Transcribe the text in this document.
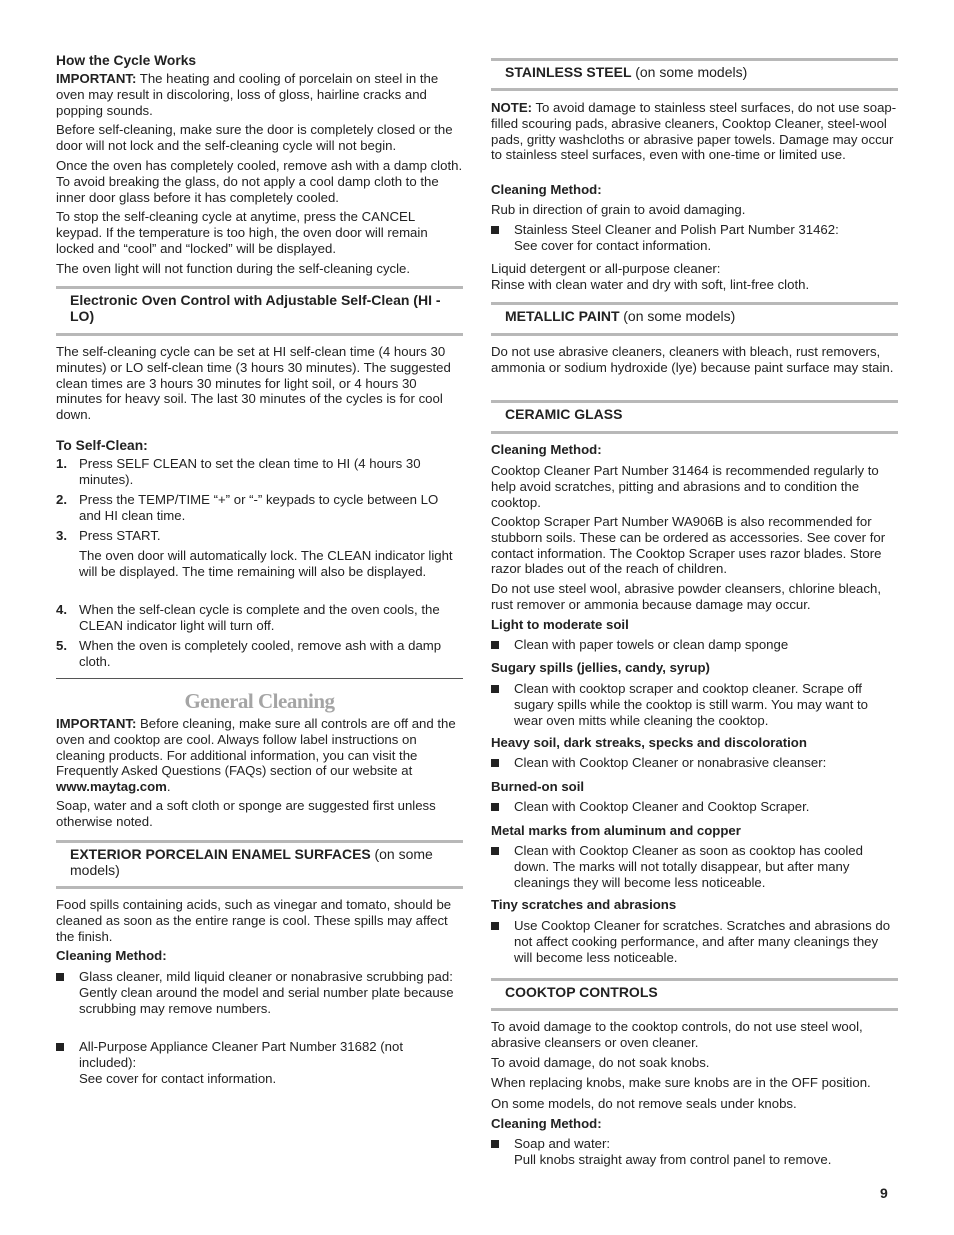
How the Cycle Works

IMPORTANT: The heating and cooling of porcelain on steel in the oven may result in discoloring, loss of gloss, hairline cracks and popping sounds.

Before self-cleaning, make sure the door is completely closed or the door will not lock and the self-cleaning cycle will not begin.

Once the oven has completely cooled, remove ash with a damp cloth. To avoid breaking the glass, do not apply a cool damp cloth to the inner door glass before it has completely cooled.

To stop the self-cleaning cycle at anytime, press the CANCEL keypad. If the temperature is too high, the oven door will remain locked and “cool” and “locked” will be displayed.

The oven light will not function during the self-cleaning cycle.

Electronic Oven Control with Adjustable Self-Clean (HI - LO)

The self-cleaning cycle can be set at HI self-clean time (4 hours 30 minutes) or LO self-clean time (3 hours 30 minutes). The suggested clean times are 3 hours 30 minutes for light soil, or 4 hours 30 minutes for heavy soil. The last 30 minutes of the cycles is for cool down.

To Self-Clean:

1. Press SELF CLEAN to set the clean time to HI (4 hours 30 minutes).

2. Press the TEMP/TIME “+” or “-” keypads to cycle between LO and HI clean time.

3. Press START.

The oven door will automatically lock. The CLEAN indicator light will be displayed. The time remaining will also be displayed.

4. When the self-clean cycle is complete and the oven cools, the CLEAN indicator light will turn off.

5. When the oven is completely cooled, remove ash with a damp cloth.

General Cleaning

IMPORTANT: Before cleaning, make sure all controls are off and the oven and cooktop are cool. Always follow label instructions on cleaning products. For additional information, you can visit the Frequently Asked Questions (FAQs) section of our website at www.maytag.com.

Soap, water and a soft cloth or sponge are suggested first unless otherwise noted.

EXTERIOR PORCELAIN ENAMEL SURFACES (on some models)

Food spills containing acids, such as vinegar and tomato, should be cleaned as soon as the entire range is cool. These spills may affect the finish.

Cleaning Method:

Glass cleaner, mild liquid cleaner or nonabrasive scrubbing pad:

Gently clean around the model and serial number plate because scrubbing may remove numbers.

All-Purpose Appliance Cleaner Part Number 31682 (not included):

See cover for contact information.

STAINLESS STEEL (on some models)

NOTE: To avoid damage to stainless steel surfaces, do not use soap-filled scouring pads, abrasive cleaners, Cooktop Cleaner, steel-wool pads, gritty washcloths or abrasive paper towels. Damage may occur to stainless steel surfaces, even with one-time or limited use.

Cleaning Method:

Rub in direction of grain to avoid damaging.

Stainless Steel Cleaner and Polish Part Number 31462:

See cover for contact information.

Liquid detergent or all-purpose cleaner:

Rinse with clean water and dry with soft, lint-free cloth.

METALLIC PAINT (on some models)

Do not use abrasive cleaners, cleaners with bleach, rust removers, ammonia or sodium hydroxide (lye) because paint surface may stain.

CERAMIC GLASS

Cleaning Method:

Cooktop Cleaner Part Number 31464 is recommended regularly to help avoid scratches, pitting and abrasions and to condition the cooktop.

Cooktop Scraper Part Number WA906B is also recommended for stubborn soils. These can be ordered as accessories. See cover for contact information. The Cooktop Scraper uses razor blades. Store razor blades out of the reach of children.

Do not use steel wool, abrasive powder cleansers, chlorine bleach, rust remover or ammonia because damage may occur.

Light to moderate soil

Clean with paper towels or clean damp sponge

Sugary spills (jellies, candy, syrup)

Clean with cooktop scraper and cooktop cleaner. Scrape off sugary spills while the cooktop is still warm. You may want to wear oven mitts while cleaning the cooktop.

Heavy soil, dark streaks, specks and discoloration

Clean with Cooktop Cleaner or nonabrasive cleanser:

Burned-on soil

Clean with Cooktop Cleaner and Cooktop Scraper.

Metal marks from aluminum and copper

Clean with Cooktop Cleaner as soon as cooktop has cooled down. The marks will not totally disappear, but after many cleanings they will become less noticeable.

Tiny scratches and abrasions

Use Cooktop Cleaner for scratches. Scratches and abrasions do not affect cooking performance, and after many cleanings they will become less noticeable.

COOKTOP CONTROLS

To avoid damage to the cooktop controls, do not use steel wool, abrasive cleansers or oven cleaner.

To avoid damage, do not soak knobs.

When replacing knobs, make sure knobs are in the OFF position.

On some models, do not remove seals under knobs.

Cleaning Method:

Soap and water:

Pull knobs straight away from control panel to remove.

9
